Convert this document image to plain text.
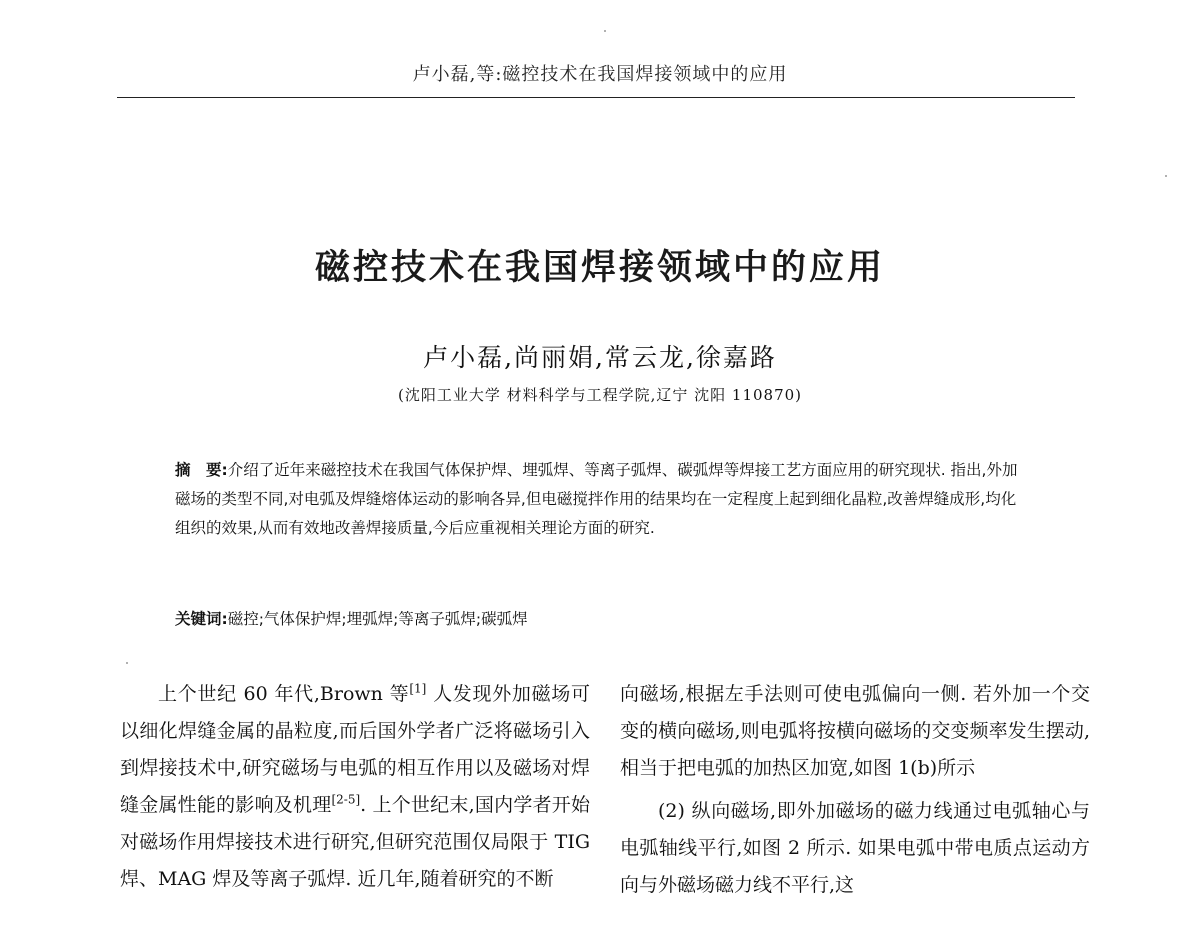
卢小磊,等:磁控技术在我国焊接领域中的应用
磁控技术在我国焊接领域中的应用
卢小磊,尚丽娟,常云龙,徐嘉路
(沈阳工业大学 材料科学与工程学院,辽宁 沈阳 110870)
摘　要:介绍了近年来磁控技术在我国气体保护焊、埋弧焊、等离子弧焊、碳弧焊等焊接工艺方面应用的研究现状. 指出,外加磁场的类型不同,对电弧及焊缝熔体运动的影响各异,但电磁搅拌作用的结果均在一定程度上起到细化晶粒,改善焊缝成形,均化组织的效果,从而有效地改善焊接质量,今后应重视相关理论方面的研究.
关键词:磁控;气体保护焊;埋弧焊;等离子弧焊;碳弧焊

上个世纪 60 年代,Brown 等[1] 人发现外加磁场可以细化焊缝金属的晶粒度,而后国外学者广泛将磁场引入到焊接技术中,研究磁场与电弧的相互作用以及磁场对焊缝金属性能的影响及机理[2-5]. 上个世纪末,国内学者开始对磁场作用焊接技术进行研究,但研究范围仅局限于 TIG 焊、MAG 焊及等离子弧焊. 近几年,随着研究的不断

向磁场,根据左手法则可使电弧偏向一侧. 若外加一个交变的横向磁场,则电弧将按横向磁场的交变频率发生摆动,相当于把电弧的加热区加宽,如图 1(b)所示

(2) 纵向磁场,即外加磁场的磁力线通过电弧轴心与电弧轴线平行,如图 2 所示. 如果电弧中带电质点运动方向与外磁场磁力线不平行,这
